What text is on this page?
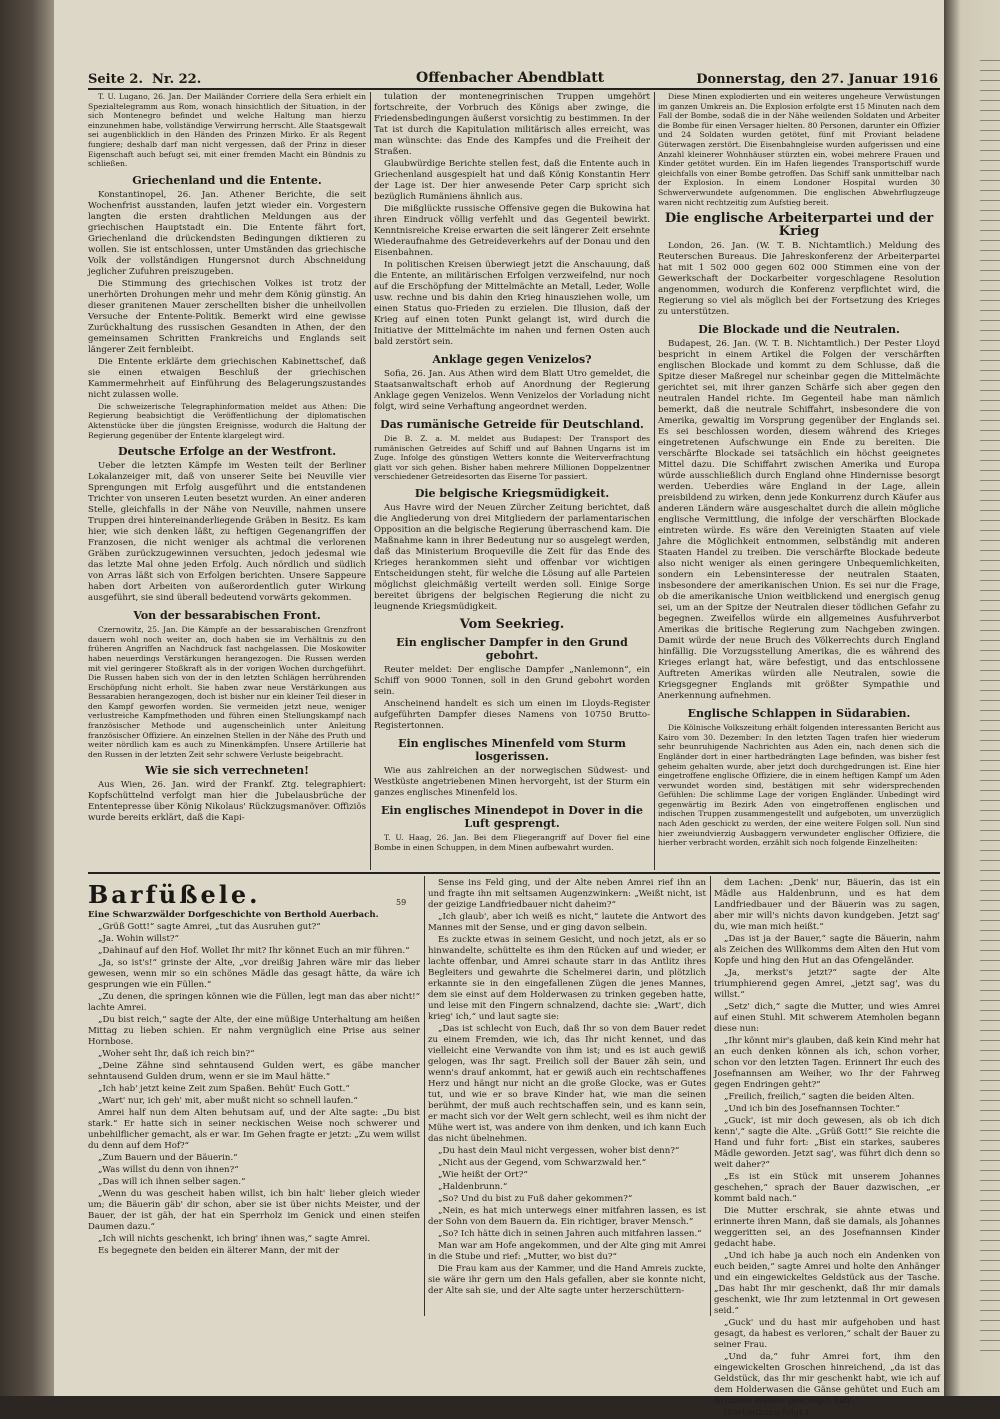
Seite 2. Nr. 22.	Offenbacher Abendblatt	Donnerstag, den 27. Januar 1916

T. U. Lugano, 26. Jan. Der Mailänder Corriere della Sera erhielt ein Spezialtelegramm aus Rom, wonach hinsichtlich der Situation, in der sich Montenegro befindet und welche Haltung man hierzu einzunehmen habe, vollständige Verwirrung herrscht. Alle Staatsgewalt sei augenblicklich in den Händen des Prinzen Mirko. Er als Regent fungiere; deshalb darf man nicht vergessen, daß der Prinz in dieser Eigenschaft auch befugt sei, mit einer fremden Macht ein Bündnis zu schließen.

Griechenland und die Entente.

Konstantinopel, 26. Jan. Athener Berichte, die seit Wochenfrist ausstanden, laufen jetzt wieder ein. Vorgestern langten die ersten drahtlichen Meldungen aus der griechischen Hauptstadt ein. Die Entente fährt fort, Griechenland die drückendsten Bedingungen diktieren zu wollen. Sie ist entschlossen, unter Umständen das griechische Volk der vollständigen Hungersnot durch Abschneidung jeglicher Zufuhren preiszugeben.

Die Stimmung des griechischen Volkes ist trotz der unerhörten Drohungen mehr und mehr dem König günstig. An dieser granitenen Mauer zerschellten bisher die unheilvollen Versuche der Entente-Politik. Bemerkt wird eine gewisse Zurückhaltung des russischen Gesandten in Athen, der den gemeinsamen Schritten Frankreichs und Englands seit längerer Zeit fernbleibt.

Die Entente erklärte dem griechischen Kabinettschef, daß sie einen etwaigen Beschluß der griechischen Kammermehrheit auf Einführung des Belagerungszustandes nicht zulassen wolle.

Die schweizerische Telegraphinformation meldet aus Athen: Die Regierung beabsichtigt die Veröffentlichung der diplomatischen Aktenstücke über die jüngsten Ereignisse, wodurch die Haltung der Regierung gegenüber der Entente klargelegt wird.

Deutsche Erfolge an der Westfront.

Ueber die letzten Kämpfe im Westen teilt der Berliner Lokalanzeiger mit, daß von unserer Seite bei Neuville vier Sprengungen mit Erfolg ausgeführt und die entstandenen Trichter von unseren Leuten besetzt wurden. An einer anderen Stelle, gleichfalls in der Nähe von Neuville, nahmen unsere Truppen drei hintereinanderliegende Gräben in Besitz. Es kam hier, wie sich denken läßt, zu heftigen Gegenangriffen der Franzosen, die nicht weniger als achtmal die verlorenen Gräben zurückzugewinnen versuchten, jedoch jedesmal wie das letzte Mal ohne jeden Erfolg. Auch nördlich und südlich von Arras läßt sich von Erfolgen berichten. Unsere Sappeure haben dort Arbeiten von außerordentlich guter Wirkung ausgeführt, sie sind überall bedeutend vorwärts gekommen.

Von der bessarabischen Front.

Czernowitz, 25. Jan. Die Kämpfe an der bessarabischen Grenzfront dauern wohl noch weiter an, doch haben sie im Verhältnis zu den früheren Angriffen an Nachdruck fast nachgelassen. Die Moskowiter haben neuerdings Verstärkungen herangezogen. Die Russen werden mit viel geringerer Stoßkraft als in der vorigen Wochen durchgeführt. Die Russen haben sich von der in den letzten Schlägen herrührenden Erschöpfung nicht erholt. Sie haben zwar neue Verstärkungen aus Bessarabien herangezogen, doch ist bisher nur ein kleiner Teil dieser in den Kampf geworfen worden. Sie vermeiden jetzt neue, weniger verlustreiche Kampfmethoden und führen einen Stellungskampf nach französischer Methode und augenscheinlich unter Anleitung französischer Offiziere. An einzelnen Stellen in der Nähe des Pruth und weiter nördlich kam es auch zu Minenkämpfen. Unsere Artillerie hat den Russen in der letzten Zeit sehr schwere Verluste beigebracht.

Wie sie sich verrechneten!

Aus Wien, 26. Jan. wird der Frankf. Ztg. telegraphiert: Kopfschüttelnd verfolgt man hier die Jubelausbrüche der Ententepresse über König Nikolaus' Rückzugsmanöver. Offiziös wurde bereits erklärt, daß die Kapi-

tulation der montenegrinischen Truppen umgehört fortschreite, der Vorbruch des Königs aber zwinge, die Friedensbedingungen äußerst vorsichtig zu bestimmen. In der Tat ist durch die Kapitulation militärisch alles erreicht, was man wünschte: das Ende des Kampfes und die Freiheit der Straßen.

Glaubwürdige Berichte stellen fest, daß die Entente auch in Griechenland ausgespielt hat und daß König Konstantin Herr der Lage ist. Der hier anwesende Peter Carp spricht sich bezüglich Rumäniens ähnlich aus.

Die mißglückte russische Offensive gegen die Bukowina hat ihren Eindruck völlig verfehlt und das Gegenteil bewirkt. Kenntnisreiche Kreise erwarten die seit längerer Zeit ersehnte Wiederaufnahme des Getreideverkehrs auf der Donau und den Eisenbahnen.

In politischen Kreisen überwiegt jetzt die Anschauung, daß die Entente, an militärischen Erfolgen verzweifelnd, nur noch auf die Erschöpfung der Mittelmächte an Metall, Leder, Wolle usw. rechne und bis dahin den Krieg hinausziehen wolle, um einen Status quo-Frieden zu erzielen. Die Illusion, daß der Krieg auf einen toten Punkt gelangt ist, wird durch die Initiative der Mittelmächte im nahen und fernen Osten auch bald zerstört sein.

Anklage gegen Venizelos?

Sofia, 26. Jan. Aus Athen wird dem Blatt Utro gemeldet, die Staatsanwaltschaft erhob auf Anordnung der Regierung Anklage gegen Venizelos. Wenn Venizelos der Vorladung nicht folgt, wird seine Verhaftung angeordnet werden.

Das rumänische Getreide für Deutschland.

Die B. Z. a. M. meldet aus Budapest: Der Transport des rumänischen Getreides auf Schiff und auf Bahnen Ungarns ist im Zuge. Infolge des günstigen Wetters konnte die Weiterverfrachtung glatt vor sich gehen. Bisher haben mehrere Millionen Doppelzentner verschiedener Getreidesorten das Eiserne Tor passiert.

Die belgische Kriegsmüdigkeit.

Aus Havre wird der Neuen Zürcher Zeitung berichtet, daß die Angliederung von drei Mitgliedern der parlamentarischen Opposition an die belgische Regierung überraschend kam. Die Maßnahme kann in ihrer Bedeutung nur so ausgelegt werden, daß das Ministerium Broqueville die Zeit für das Ende des Krieges herankommen sieht und offenbar vor wichtigen Entscheidungen steht, für welche die Lösung auf alle Parteien möglichst gleichmäßig verteilt werden soll. Einige Sorge bereitet übrigens der belgischen Regierung die nicht zu leugnende Kriegsmüdigkeit.

Vom Seekrieg.
Ein englischer Dampfer in den Grund gebohrt.

Reuter meldet: Der englische Dampfer „Nanlemonn“, ein Schiff von 9000 Tonnen, soll in den Grund gebohrt worden sein.

Anscheinend handelt es sich um einen im Lloyds-Register aufgeführten Dampfer dieses Namens von 10750 Brutto-Registertonnen.

Ein englisches Minenfeld vom Sturm losgerissen.

Wie aus zahlreichen an der norwegischen Südwest- und Westküste angetriebenen Minen hervorgeht, ist der Sturm ein ganzes englisches Minenfeld los.

Ein englisches Minendepot in Dover in die Luft gesprengt.

T. U. Haag, 26. Jan. Bei dem Fliegerangriff auf Dover fiel eine Bombe in einen Schuppen, in dem Minen aufbewahrt wurden.

Diese Minen explodierten und ein weiteres ungeheure Verwüstungen im ganzen Umkreis an. Die Explosion erfolgte erst 15 Minuten nach dem Fall der Bombe, sodaß die in der Nähe weilenden Soldaten und Arbeiter die Bombe für einen Versager hielten. 80 Personen, darunter ein Offizier und 24 Soldaten wurden getötet, fünf mit Proviant beladene Güterwagen zerstört. Die Eisenbahngleise wurden aufgerissen und eine Anzahl kleinerer Wohnhäuser stürzten ein, wobei mehrere Frauen und Kinder getötet wurden. Ein im Hafen liegendes Transportschiff wurde gleichfalls von einer Bombe getroffen. Das Schiff sank unmittelbar nach der Explosion. In einem Londoner Hospital wurden 30 Schwerverwundete aufgenommen. Die englischen Abwehrflugzeuge waren nicht rechtzeitig zum Aufstieg bereit.

Die englische Arbeiterpartei und der Krieg

London, 26. Jan. (W. T. B. Nichtamtlich.) Meldung des Reuterschen Bureaus. Die Jahreskonferenz der Arbeiterpartei hat mit 1 502 000 gegen 602 000 Stimmen eine von der Gewerkschaft der Dockarbeiter vorgeschlagene Resolution angenommen, wodurch die Konferenz verpflichtet wird, die Regierung so viel als möglich bei der Fortsetzung des Krieges zu unterstützen.

Die Blockade und die Neutralen.

Budapest, 26. Jan. (W. T. B. Nichtamtlich.) Der Pester Lloyd bespricht in einem Artikel die Folgen der verschärften englischen Blockade und kommt zu dem Schlusse, daß die Spitze dieser Maßregel nur scheinbar gegen die Mittelmächte gerichtet sei, mit ihrer ganzen Schärfe sich aber gegen den neutralen Handel richte. Im Gegenteil habe man nämlich bemerkt, daß die neutrale Schiffahrt, insbesondere die von Amerika, gewaltig im Vorsprung gegenüber der Englands sei. Es sei beschlossen worden, diesem während des Krieges eingetretenen Aufschwunge ein Ende zu bereiten. Die verschärfte Blockade sei tatsächlich ein höchst geeignetes Mittel dazu. Die Schiffahrt zwischen Amerika und Europa würde ausschließlich durch England ohne Hindernisse besorgt werden. Ueberdies wäre England in der Lage, allein preisbildend zu wirken, denn jede Konkurrenz durch Käufer aus anderen Ländern wäre ausgeschaltet durch die allein mögliche englische Vermittlung, die infolge der verschärften Blockade eintreten würde. Es wäre den Vereinigten Staaten auf viele Jahre die Möglichkeit entnommen, selbständig mit anderen Staaten Handel zu treiben. Die verschärfte Blockade bedeute also nicht weniger als einen geringere Unbequemlichkeiten, sondern ein Lebensinteresse der neutralen Staaten, insbesondere der amerikanischen Union. Es sei nur die Frage, ob die amerikanische Union weitblickend und energisch genug sei, um an der Spitze der Neutralen dieser tödlichen Gefahr zu begegnen. Zweifellos würde ein allgemeines Ausfuhrverbot Amerikas die britische Regierung zum Nachgeben zwingen. Damit würde der neue Bruch des Völkerrechts durch England hinfällig. Die Vorzugsstellung Amerikas, die es während des Krieges erlangt hat, wäre befestigt, und das entschlossene Auftreten Amerikas würden alle Neutralen, sowie die Kriegsgegner Englands mit größter Sympathie und Anerkennung aufnehmen.

Englische Schlappen in Südarabien.

Die Kölnische Volkszeitung erhält folgenden interessanten Bericht aus Kairo vom 30. Dezember: In den letzten Tagen trafen hier wiederum sehr beunruhigende Nachrichten aus Aden ein, nach denen sich die Engländer dort in einer hartbedrängten Lage befinden, was bisher fest geheim gehalten wurde, aber jetzt doch durchgedrungen ist. Eine hier eingetroffene englische Offiziere, die in einem heftigen Kampf um Aden verwundet worden sind, bestätigen mit sehr widersprechenden Gefühlen: Die schlimme Lage der vorigen Engländer. Unbedingt wird gegenwärtig im Bezirk Aden von eingetroffenen englischen und indischen Truppen zusammengestellt und aufgeboten, um unverzüglich nach Aden geschickt zu werden, der eine weitere Folgen soll. Nun sind hier zweiundvierzig Ausbaggern verwundeter englischer Offiziere, die hierher verbracht worden, erzählt sich noch folgende Einzelheiten:

Barfüßele.	59

Eine Schwarzwälder Dorfgeschichte von Berthold Auerbach.

„Grüß Gott!“ sagte Amrei, „tut das Ausruhen gut?“

„Ja. Wohin willst?“

„Dahinauf auf den Hof. Wollet Ihr mit? Ihr könnet Euch an mir führen.“

„Ja, so ist's!“ grinste der Alte, „vor dreißig Jahren wäre mir das lieber gewesen, wenn mir so ein schönes Mädle das gesagt hätte, da wäre ich gesprungen wie ein Füllen.“

„Zu denen, die springen können wie die Füllen, legt man das aber nicht!“ lachte Amrei.

„Du bist reich,“ sagte der Alte, der eine müßige Unterhaltung am heißen Mittag zu lieben schien. Er nahm vergnüglich eine Prise aus seiner Hornbose.

„Woher seht Ihr, daß ich reich bin?“

„Deine Zähne sind sehntausend Gulden wert, es gäbe mancher sehntausend Gulden drum, wenn er sie im Maul hätte.“

„Ich hab' jetzt keine Zeit zum Spaßen. Behüt' Euch Gott.“

„Wart' nur, ich geh' mit, aber mußt nicht so schnell laufen.“

Amrei half nun dem Alten behutsam auf, und der Alte sagte: „Du bist stark.“ Er hatte sich in seiner neckischen Weise noch schwerer und unbehilflicher gemacht, als er war. Im Gehen fragte er jetzt: „Zu wem willst du denn auf dem Hof?“

„Zum Bauern und der Bäuerin.“

„Was willst du denn von ihnen?“

„Das will ich ihnen selber sagen.“

„Wenn du was gescheit haben willst, ich bin halt' lieber gleich wieder um; die Bäuerin gäb' dir schon, aber sie ist über nichts Meister, und der Bauer, der ist gäh, der hat ein Sperrholz im Genick und einen steifen Daumen dazu.“

„Ich will nichts geschenkt, ich bring' ihnen was,“ sagte Amrei.

Es begegnete den beiden ein älterer Mann, der mit der

Sense ins Feld ging, und der Alte neben Amrei rief ihn an und fragte ihn mit seltsamen Augenzwinkern: „Weißt nicht, ist der geizige Landfriedbauer nicht daheim?“

„Ich glaub', aber ich weiß es nicht,“ lautete die Antwort des Mannes mit der Sense, und er ging davon selbein.

Es zuckte etwas in seinem Gesicht, und noch jetzt, als er so hinwandelte, schüttelte es ihm den Rücken auf und wieder, er lachte offenbar, und Amrei schaute starr in das Antlitz ihres Begleiters und gewahrte die Schelmerei darin, und plötzlich erkannte sie in den eingefallenen Zügen die jenes Mannes, dem sie einst auf dem Holderwasen zu trinken gegeben hatte, und leise mit den Fingern schnalzend, dachte sie: „Wart', dich krieg' ich,“ und laut sagte sie:

„Das ist schlecht von Euch, daß Ihr so von dem Bauer redet zu einem Fremden, wie ich, das Ihr nicht kennet, und das vielleicht eine Verwandte von ihm ist; und es ist auch gewiß gelogen, was Ihr sagt. Freilich soll der Bauer zäh sein, und wenn's drauf ankommt, hat er gewiß auch ein rechtschaffenes Herz und hängt nur nicht an die große Glocke, was er Gutes tut, und wie er so brave Kinder hat, wie man die seinen berühmt, der muß auch rechtschaffen sein, und es kann sein, er macht sich vor der Welt gern schlecht, weil es ihm nicht der Mühe wert ist, was andere von ihm denken, und ich kann Euch das nicht übelnehmen.

„Du hast dein Maul nicht vergessen, woher bist denn?“

„Nicht aus der Gegend, vom Schwarzwald her.“

„Wie heißt der Ort?“

„Haldenbrunn.“

„So? Und du bist zu Fuß daher gekommen?“

„Nein, es hat mich unterwegs einer mitfahren lassen, es ist der Sohn von dem Bauern da. Ein richtiger, braver Mensch.“

„So? Ich hätte dich in seinen Jahren auch mitfahren lassen.“

Man war am Hofe angekommen, und der Alte ging mit Amrei in die Stube und rief: „Mutter, wo bist du?“

Die Frau kam aus der Kammer, und die Hand Amreis zuckte, sie wäre ihr gern um den Hals gefallen, aber sie konnte nicht, der Alte sah sie, und der Alte sagte unter herzerschüttern-

dem Lachen: „Denk' nur, Bäuerin, das ist ein Mädle aus Haldenbrunn, und es hat dem Landfriedbauer und der Bäuerin was zu sagen, aber mir will's nichts davon kundgeben. Jetzt sag' du, wie man mich heißt.“

„Das ist ja der Bauer,“ sagte die Bäuerin, nahm als Zeichen des Willkomms dem Alten den Hut vom Kopfe und hing den Hut an das Ofengeländer.

„Ja, merkst's jetzt?“ sagte der Alte triumphierend gegen Amrei, „jetzt sag', was du willst.“

„Setz' dich,“ sagte die Mutter, und wies Amrei auf einen Stuhl. Mit schwerem Atemholen begann diese nun:

„Ihr könnt mir's glauben, daß kein Kind mehr hat an euch denken können als ich, schon vorher, schon vor den letzten Tagen. Erinnert Ihr euch des Josefnannsen am Weiher, wo Ihr der Fahrweg gegen Endringen geht?“

„Freilich, freilich,“ sagten die beiden Alten.

„Und ich bin des Josefnannsen Tochter.“

„Guck', ist mir doch gewesen, als ob ich dich kenn',“ sagte die Alte. „Grüß Gott!“ Sie reichte die Hand und fuhr fort: „Bist ein starkes, sauberes Mädle geworden. Jetzt sag', was führt dich denn so weit daher?“

„Es ist ein Stück mit unserem Johannes geschehen,“ sprach der Bauer dazwischen, „er kommt bald nach.“

Die Mutter erschrak, sie ahnte etwas und erinnerte ihren Mann, daß sie damals, als Johannes weggeritten sei, an des Josefnannsen Kinder gedacht habe.

„Und ich habe ja auch noch ein Andenken von euch beiden,“ sagte Amrei und holte den Anhänger und ein eingewickeltes Geldstück aus der Tasche. „Das habt Ihr mir geschenkt, daß Ihr mir damals geschenkt, wie Ihr zum letztenmal in Ort gewesen seid.“

„Guck' und du hast mir aufgehoben und hast gesagt, da habest es verloren,“ schalt der Bauer zu seiner Frau.

„Und da,“ fuhr Amrei fort, ihm den eingewickelten Groschen hinreichend, „da ist das Geldstück, das Ihr mir geschenkt habt, wie ich auf dem Holderwasen die Gänse gehütet und Euch am Brunnen Wasser geschöpft hab'.“

(Fortsetzung folgt.)
